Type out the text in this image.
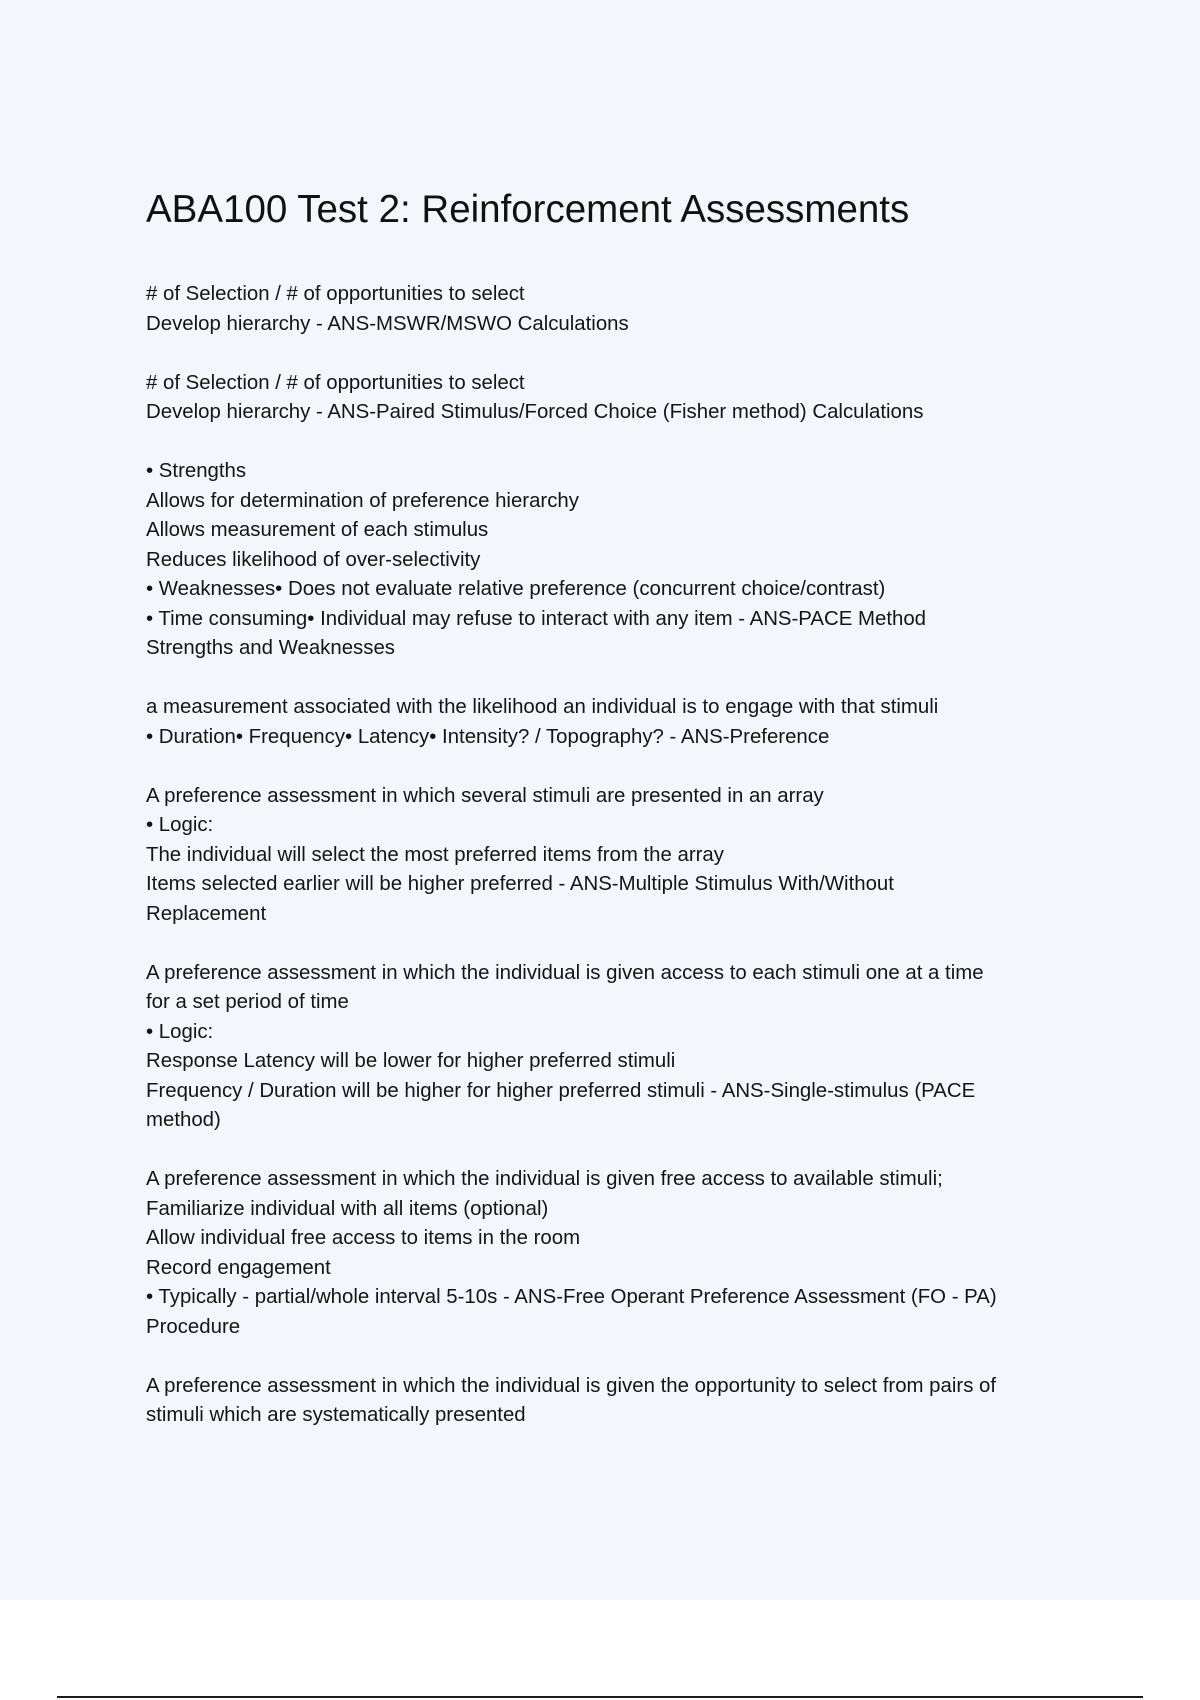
ABA100 Test 2: Reinforcement Assessments
# of Selection / # of opportunities to select
Develop hierarchy - ANS-MSWR/MSWO Calculations
# of Selection / # of opportunities to select
Develop hierarchy - ANS-Paired Stimulus/Forced Choice (Fisher method) Calculations
• Strengths
Allows for determination of preference hierarchy
Allows measurement of each stimulus
Reduces likelihood of over-selectivity
• Weaknesses• Does not evaluate relative preference (concurrent choice/contrast)
• Time consuming• Individual may refuse to interact with any item - ANS-PACE Method
Strengths and Weaknesses
a measurement associated with the likelihood an individual is to engage with that stimuli
• Duration• Frequency• Latency• Intensity? / Topography? - ANS-Preference
A preference assessment in which several stimuli are presented in an array
• Logic:
The individual will select the most preferred items from the array
Items selected earlier will be higher preferred - ANS-Multiple Stimulus With/Without
Replacement
A preference assessment in which the individual is given access to each stimuli one at a time
for a set period of time
• Logic:
Response Latency will be lower for higher preferred stimuli
Frequency / Duration will be higher for higher preferred stimuli - ANS-Single-stimulus (PACE
method)
A preference assessment in which the individual is given free access to available stimuli;
Familiarize individual with all items (optional)
Allow individual free access to items in the room
Record engagement
• Typically - partial/whole interval 5-10s - ANS-Free Operant Preference Assessment (FO - PA)
Procedure
A preference assessment in which the individual is given the opportunity to select from pairs of
stimuli which are systematically presented
